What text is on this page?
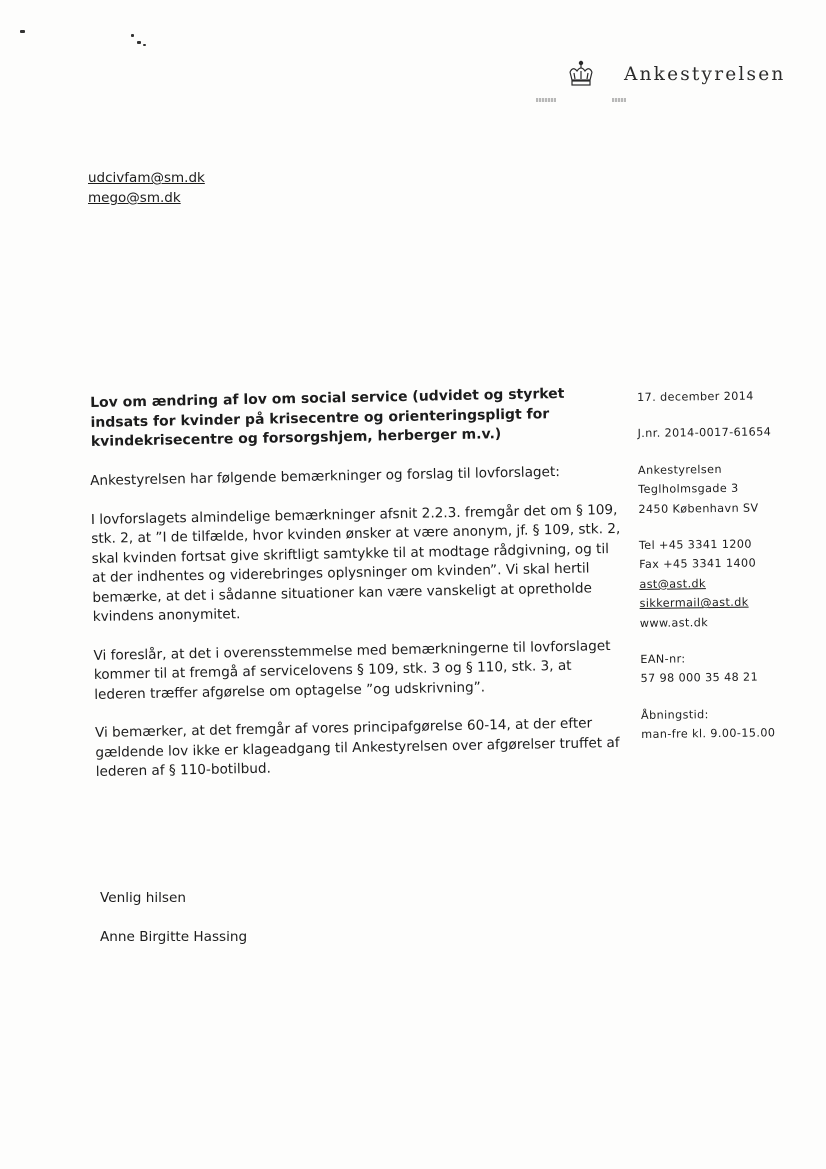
Ankestyrelsen
udcivfam@sm.dk
mego@sm.dk
Lov om ændring af lov om social service (udvidet og styrket indsats for kvinder på krisecentre og orienteringspligt for kvindekrisecentre og forsorgshjem, herberger m.v.)

Ankestyrelsen har følgende bemærkninger og forslag til lovforslaget:

I lovforslagets almindelige bemærkninger afsnit 2.2.3. fremgår det om § 109, stk. 2, at ”I de tilfælde, hvor kvinden ønsker at være anonym, jf. § 109, stk. 2, skal kvinden fortsat give skriftligt samtykke til at modtage rådgivning, og til at der indhentes og viderebringes oplysninger om kvinden”. Vi skal hertil bemærke, at det i sådanne situationer kan være vanskeligt at opretholde kvindens anonymitet.

Vi foreslår, at det i overensstemmelse med bemærkningerne til lovforslaget kommer til at fremgå af servicelovens § 109, stk. 3 og § 110, stk. 3, at lederen træffer afgørelse om optagelse ”og udskrivning”.

Vi bemærker, at det fremgår af vores principafgørelse 60-14, at der efter gældende lov ikke er klageadgang til Ankestyrelsen over afgørelser truffet af lederen af § 110-botilbud.

17. december 2014
J.nr. 2014-0017-61654
Ankestyrelsen
Teglholmsgade 3
2450 København SV
Tel +45 3341 1200
Fax +45 3341 1400
ast@ast.dk
sikkermail@ast.dk
www.ast.dk
EAN-nr:
57 98 000 35 48 21
Åbningstid:
man-fre kl. 9.00-15.00
Venlig hilsen
Anne Birgitte Hassing
